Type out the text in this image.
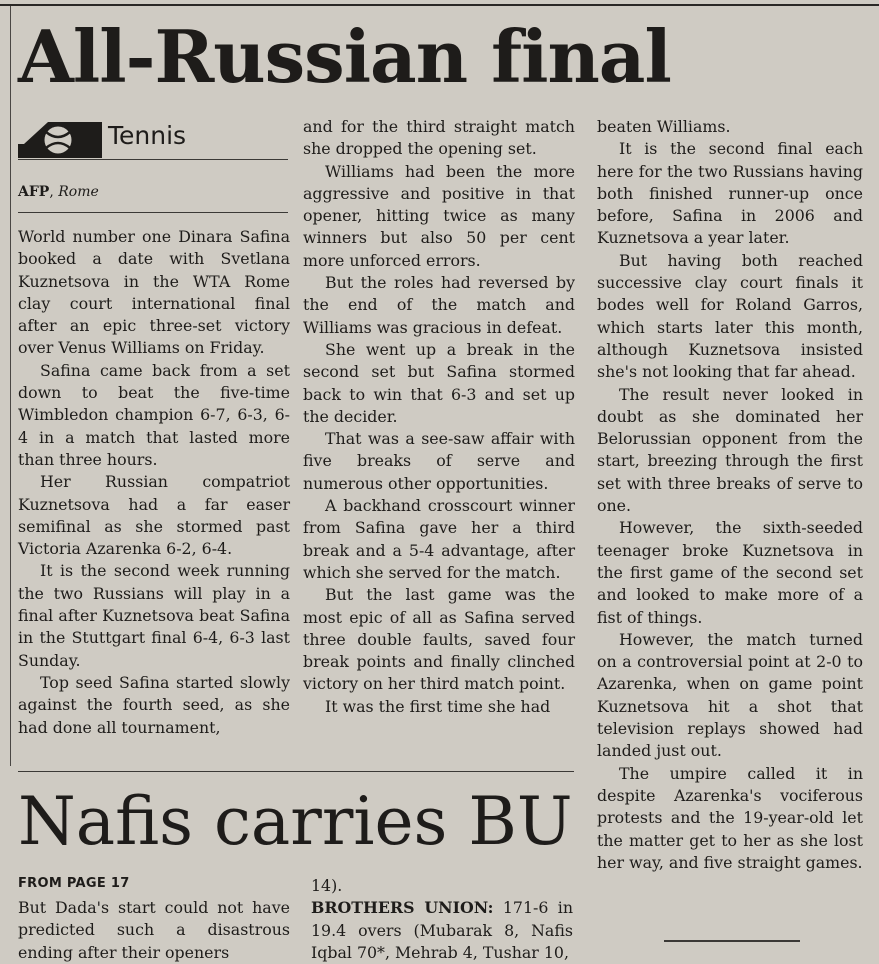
All-Russian final
Tennis
AFP, Rome

World number one Dinara Safina booked a date with Svetlana Kuznetsova in the WTA Rome clay court international final after an epic three-set victory over Venus Williams on Friday.

Safina came back from a set down to beat the five-time Wimbledon champion 6-7, 6-3, 6-4 in a match that lasted more than three hours.

Her Russian compatriot Kuznetsova had a far easer semifinal as she stormed past Victoria Azarenka 6-2, 6-4.

It is the second week running the two Russians will play in a final after Kuznetsova beat Safina in the Stuttgart final 6-4, 6-3 last Sunday.

Top seed Safina started slowly against the fourth seed, as she had done all tournament,

and for the third straight match she dropped the opening set.

Williams had been the more aggressive and positive in that opener, hitting twice as many winners but also 50 per cent more unforced errors.

But the roles had reversed by the end of the match and Williams was gracious in defeat.

She went up a break in the second set but Safina stormed back to win that 6-3 and set up the decider.

That was a see-saw affair with five breaks of serve and numerous other opportunities.

A backhand crosscourt winner from Safina gave her a third break and a 5-4 advantage, after which she served for the match.

But the last game was the most epic of all as Safina served three double faults, saved four break points and finally clinched victory on her third match point.

It was the first time she had

beaten Williams.

It is the second final each here for the two Russians having both finished runner-up once before, Safina in 2006 and Kuznetsova a year later.

But having both reached successive clay court finals it bodes well for Roland Garros, which starts later this month, although Kuznetsova insisted she's not looking that far ahead.

The result never looked in doubt as she dominated her Belorussian opponent from the start, breezing through the first set with three breaks of serve to one.

However, the sixth-seeded teenager broke Kuznetsova in the first game of the second set and looked to make more of a fist of things.

However, the match turned on a controversial point at 2-0 to Azarenka, when on game point Kuznetsova hit a shot that television replays showed had landed just out.

The umpire called it in despite Azarenka's vociferous protests and the 19-year-old let the matter get to her as she lost her way, and five straight games.

Nafis carries BU
FROM PAGE 17

But Dada's start could not have predicted such a disastrous ending after their openers

14).

BROTHERS UNION: 171-6 in 19.4 overs (Mubarak 8, Nafis Iqbal 70*, Mehrab 4, Tushar 10,
